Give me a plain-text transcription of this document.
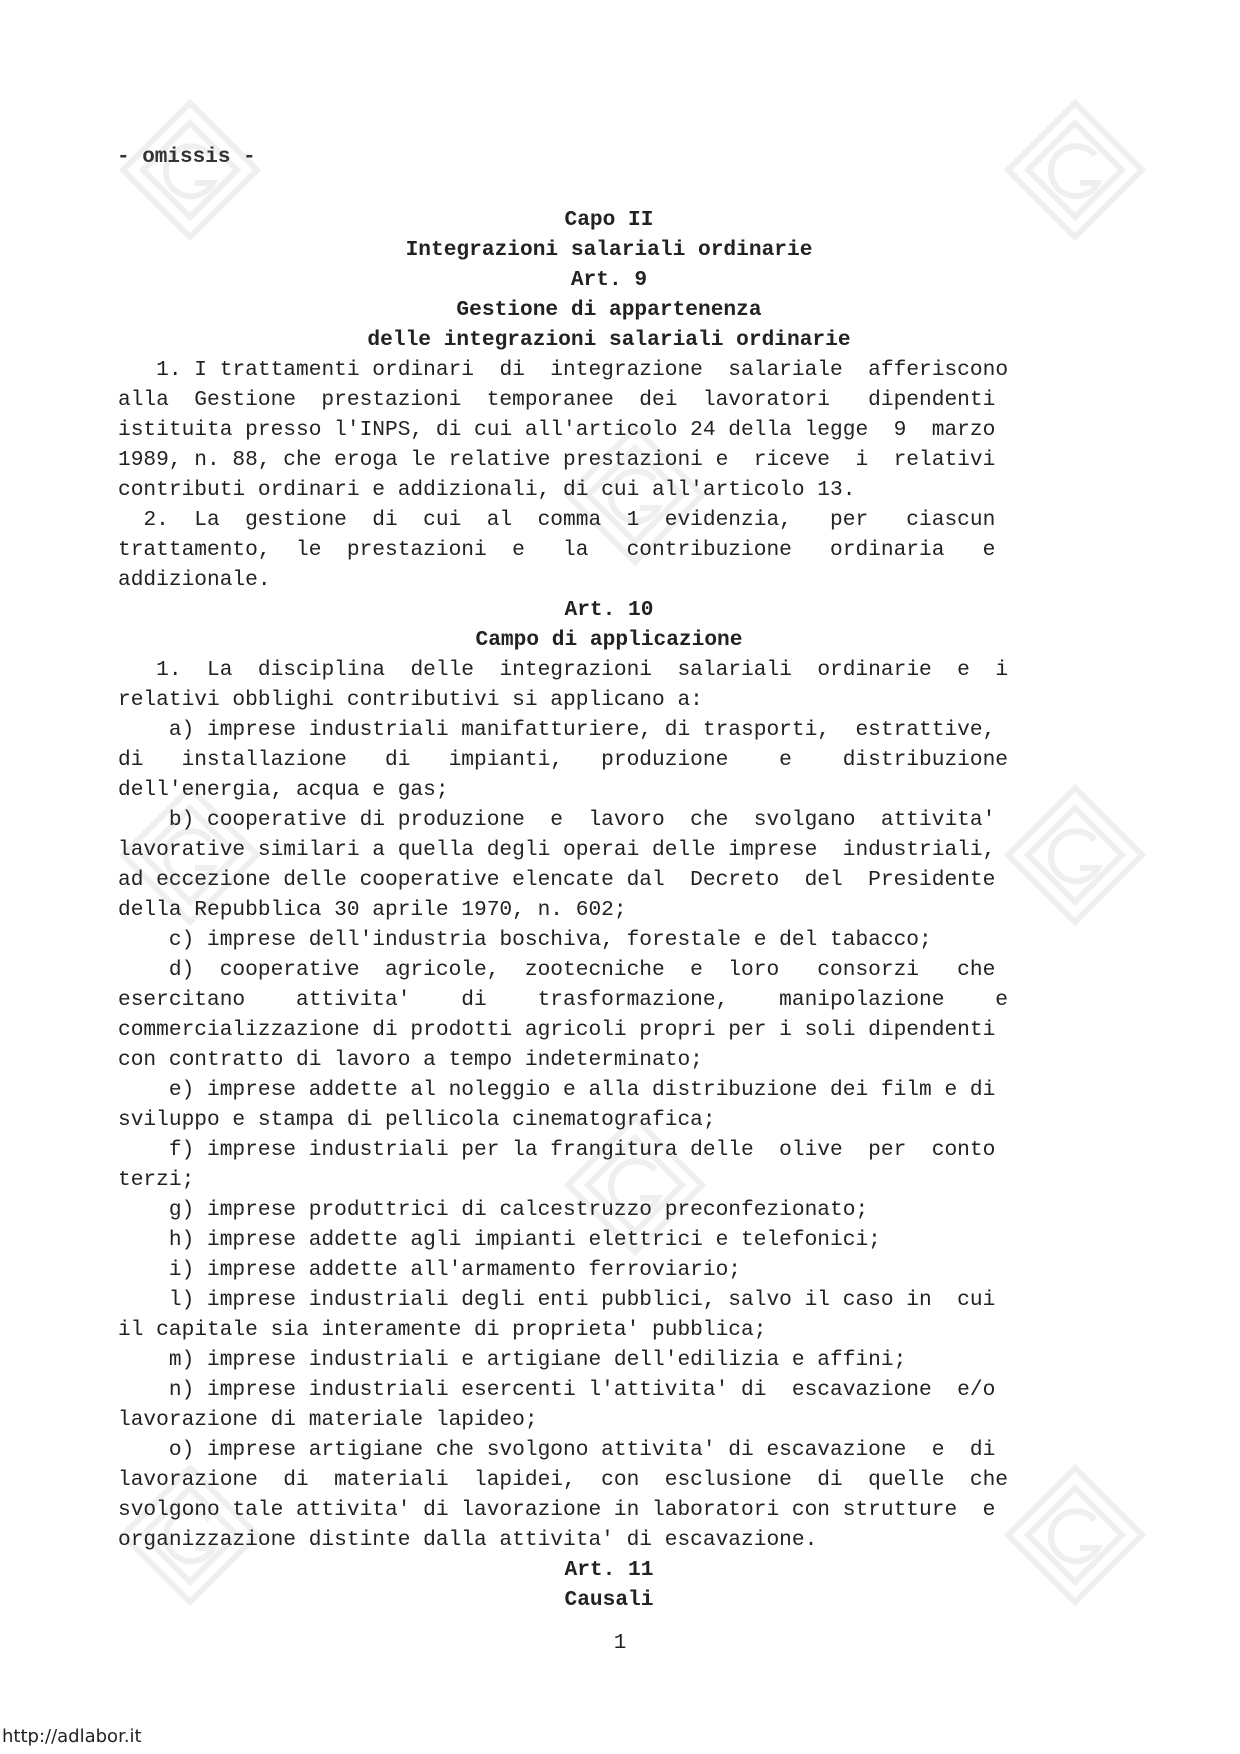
- omissis -
Capo II
Integrazioni salariali ordinarie
Art. 9
Gestione di appartenenza
delle integrazioni salariali ordinarie
1. I trattamenti ordinari  di  integrazione  salariale  afferiscono
alla  Gestione  prestazioni  temporanee  dei  lavoratori   dipendenti
istituita presso l'INPS, di cui all'articolo 24 della legge  9  marzo
1989, n. 88, che eroga le relative prestazioni e  riceve  i  relativi
contributi ordinari e addizionali, di cui all'articolo 13.
2.  La  gestione  di  cui  al  comma  1  evidenzia,   per   ciascun
trattamento,  le  prestazioni  e   la   contribuzione   ordinaria   e
addizionale.
Art. 10
Campo di applicazione
1.  La  disciplina  delle  integrazioni  salariali  ordinarie  e  i
relativi obblighi contributivi si applicano a:
a) imprese industriali manifatturiere, di trasporti,  estrattive,
di   installazione   di   impianti,   produzione    e    distribuzione
dell'energia, acqua e gas;
b) cooperative di produzione  e  lavoro  che  svolgano  attivita'
lavorative similari a quella degli operai delle imprese  industriali,
ad eccezione delle cooperative elencate dal  Decreto  del  Presidente
della Repubblica 30 aprile 1970, n. 602;
c) imprese dell'industria boschiva, forestale e del tabacco;
d)  cooperative  agricole,  zootecniche  e  loro   consorzi   che
esercitano    attivita'    di    trasformazione,    manipolazione    e
commercializzazione di prodotti agricoli propri per i soli dipendenti
con contratto di lavoro a tempo indeterminato;
e) imprese addette al noleggio e alla distribuzione dei film e di
sviluppo e stampa di pellicola cinematografica;
f) imprese industriali per la frangitura delle  olive  per  conto
terzi;
g) imprese produttrici di calcestruzzo preconfezionato;
h) imprese addette agli impianti elettrici e telefonici;
i) imprese addette all'armamento ferroviario;
l) imprese industriali degli enti pubblici, salvo il caso in  cui
il capitale sia interamente di proprieta' pubblica;
m) imprese industriali e artigiane dell'edilizia e affini;
n) imprese industriali esercenti l'attivita' di  escavazione  e/o
lavorazione di materiale lapideo;
o) imprese artigiane che svolgono attivita' di escavazione  e  di
lavorazione  di  materiali  lapidei,  con  esclusione  di  quelle  che
svolgono tale attivita' di lavorazione in laboratori con strutture  e
organizzazione distinte dalla attivita' di escavazione.
Art. 11
Causali
1
http://adlabor.it
